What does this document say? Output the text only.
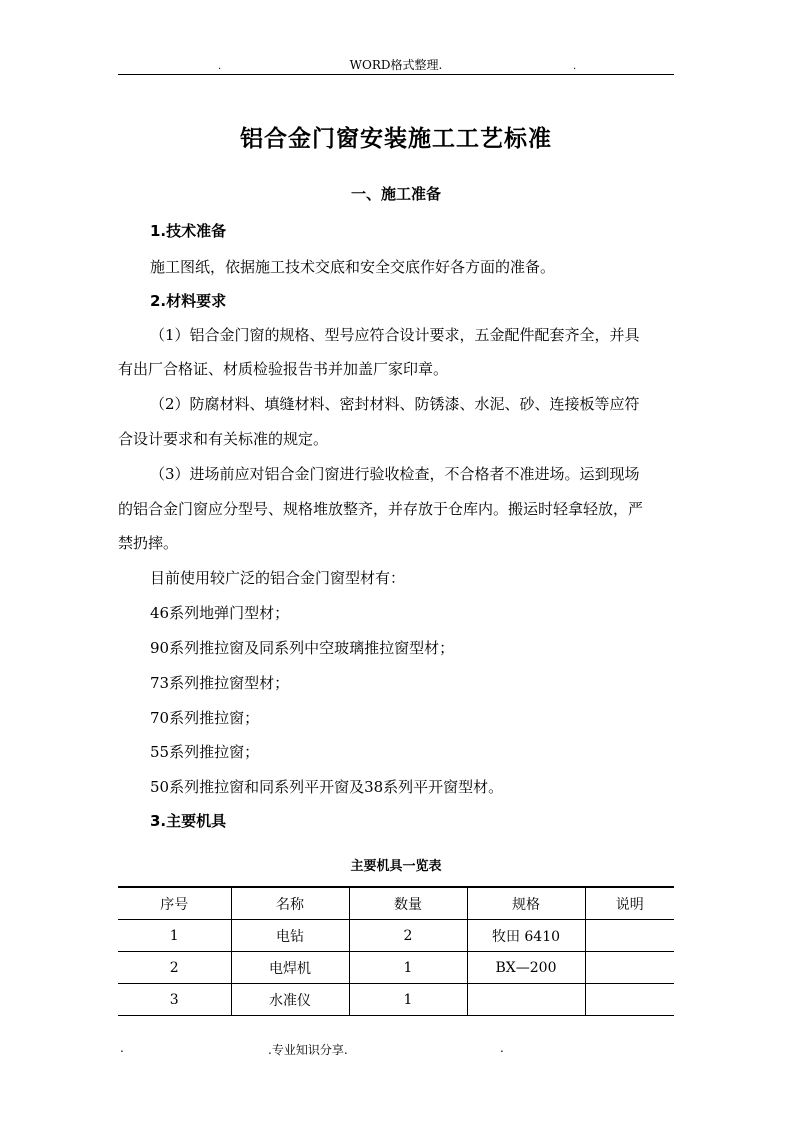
.	WORD格式整理.	.
铝合金门窗安装施工工艺标准
一、施工准备
1.技术准备
施工图纸，依据施工技术交底和安全交底作好各方面的准备。
2.材料要求
（1）铝合金门窗的规格、型号应符合设计要求，五金配件配套齐全，并具
有出厂合格证、材质检验报告书并加盖厂家印章。
（2）防腐材料、填缝材料、密封材料、防锈漆、水泥、砂、连接板等应符
合设计要求和有关标准的规定。
（3）进场前应对铝合金门窗进行验收检查，不合格者不准进场。运到现场
的铝合金门窗应分型号、规格堆放整齐，并存放于仓库内。搬运时轻拿轻放，严
禁扔摔。
目前使用较广泛的铝合金门窗型材有：
46系列地弹门型材；
90系列推拉窗及同系列中空玻璃推拉窗型材；
73系列推拉窗型材；
70系列推拉窗；
55系列推拉窗；
50系列推拉窗和同系列平开窗及38系列平开窗型材。
3.主要机具
主要机具一览表
序号	名称	数量	规格	说明
1	电钻	2	牧田 6410	
2	电焊机	1	BX—200	
3	水准仪	1		
.	.专业知识分享.	.
